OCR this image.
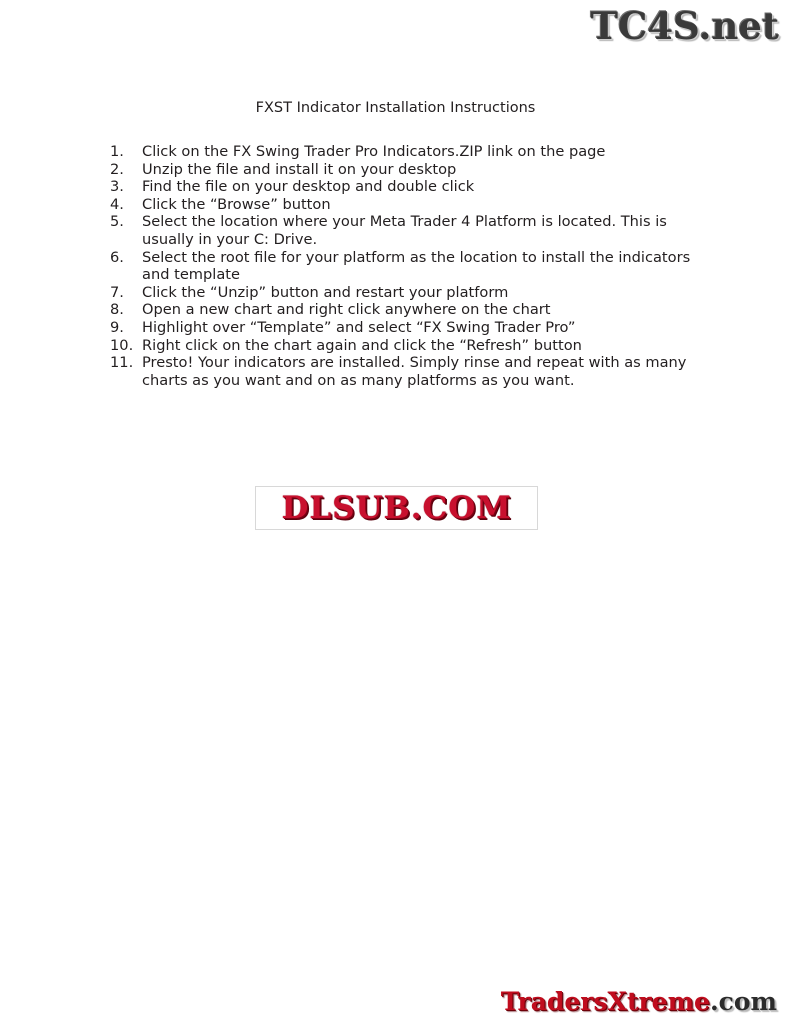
TC4S.net
FXST Indicator Installation Instructions
1.	Click on the FX Swing Trader Pro Indicators.ZIP link on the page
2.	Unzip the file and install it on your desktop
3.	Find the file on your desktop and double click
4.	Click the “Browse” button
5.	Select the location where your Meta Trader 4 Platform is located. This is usually in your C: Drive.
6.	Select the root file for your platform as the location to install the indicators and template
7.	Click the “Unzip” button and restart your platform
8.	Open a new chart and right click anywhere on the chart
9.	Highlight over “Template” and select “FX Swing Trader Pro”
10. Right click on the chart again and click the “Refresh” button
11. Presto! Your indicators are installed. Simply rinse and repeat with as many charts as you want and on as many platforms as you want.
DLSUB.COM
TradersXtreme.com
